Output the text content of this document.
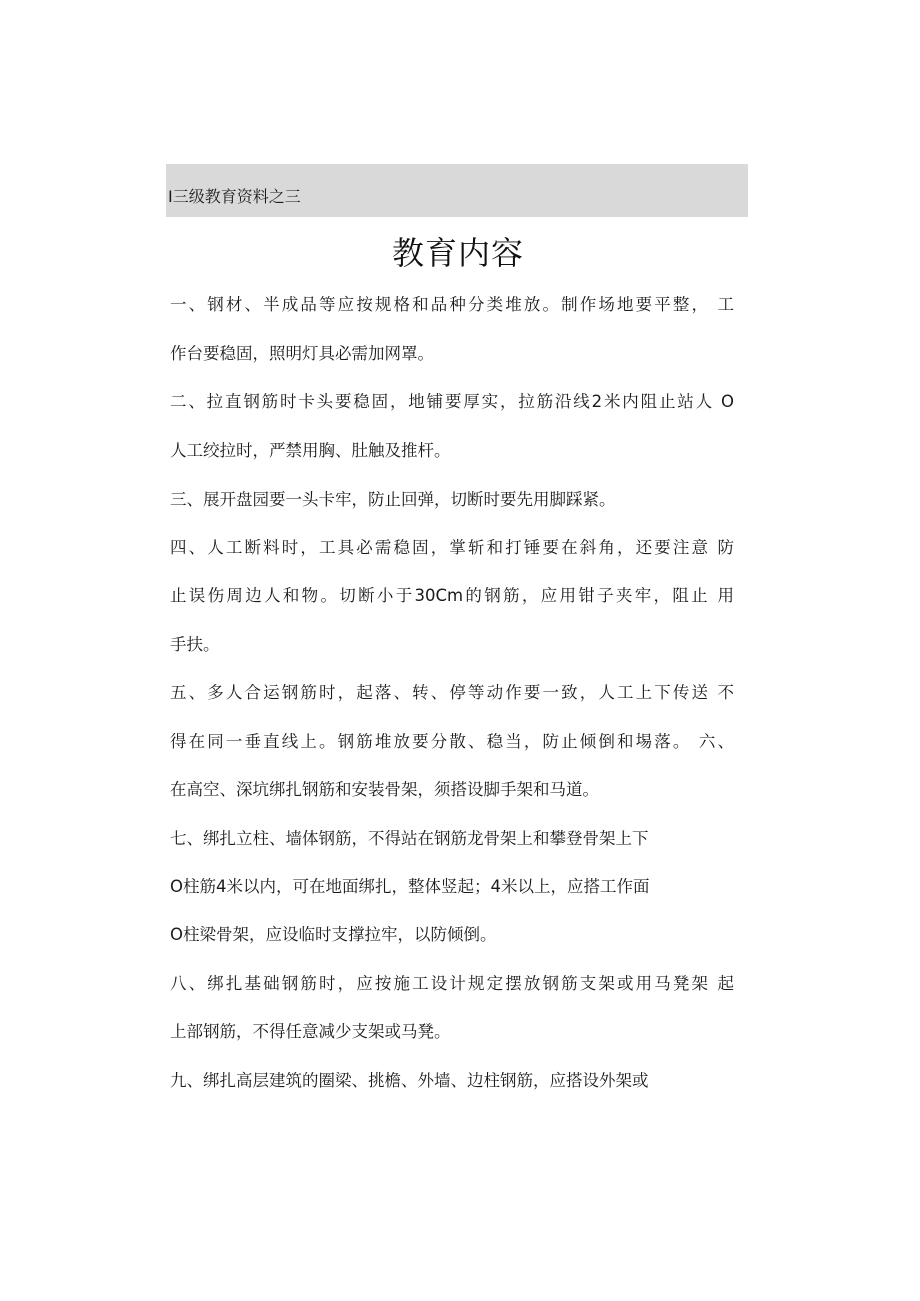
I三级教育资料之三
教育内容
一、钢材、半成品等应按规格和品种分类堆放。制作场地要平整， 工
作台要稳固，照明灯具必需加网罩。
二、拉直钢筋时卡头要稳固，地铺要厚实，拉筋沿线2米内阻止站人 O
人工绞拉时，严禁用胸、肚触及推杆。
三、展开盘园要一头卡牢，防止回弹，切断时要先用脚踩紧。
四、人工断料时，工具必需稳固，掌斩和打锤要在斜角，还要注意 防
止误伤周边人和物。切断小于30Cm的钢筋，应用钳子夹牢，阻止 用
手扶。
五、多人合运钢筋时，起落、转、停等动作要一致，人工上下传送 不
得在同一垂直线上。钢筋堆放要分散、稳当，防止倾倒和埸落。 六、
在高空、深坑绑扎钢筋和安装骨架，须搭设脚手架和马道。
七、绑扎立柱、墙体钢筋，不得站在钢筋龙骨架上和攀登骨架上下
O柱筋4米以内，可在地面绑扎，整体竖起；4米以上，应搭工作面
O柱梁骨架，应设临时支撑拉牢，以防倾倒。
八、绑扎基础钢筋时，应按施工设计规定摆放钢筋支架或用马凳架 起
上部钢筋，不得任意减少支架或马凳。
九、绑扎高层建筑的圈梁、挑檐、外墙、边柱钢筋，应搭设外架或
